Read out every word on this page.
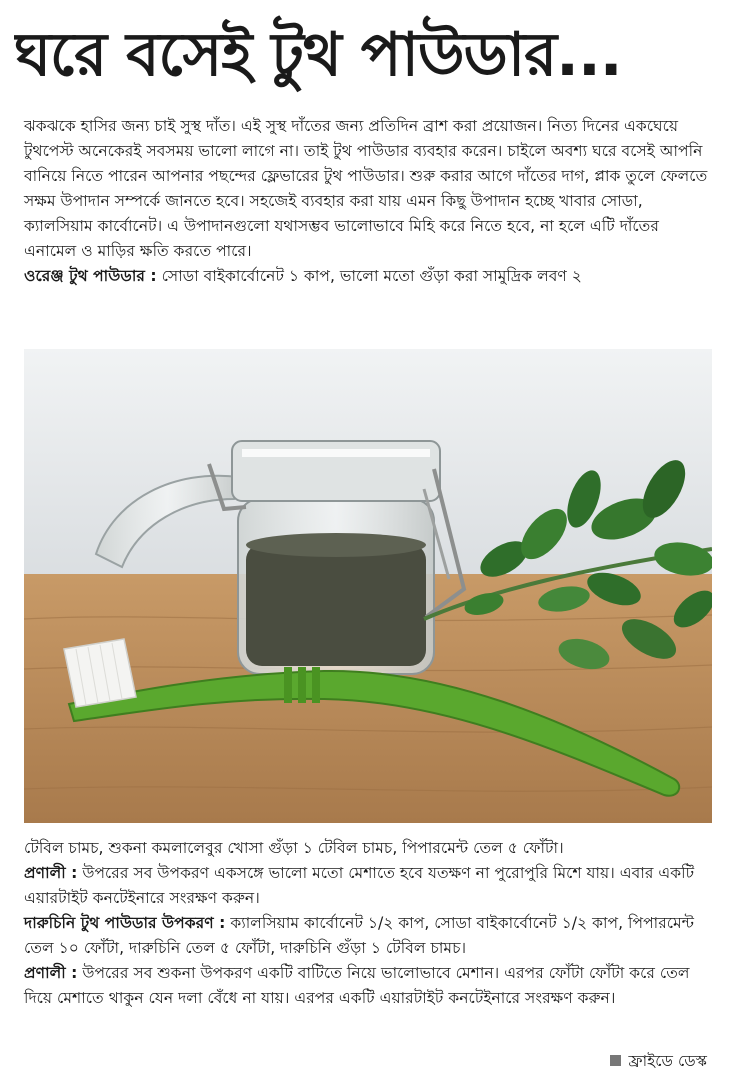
ঘরে বসেই টুথ পাউডার...

ঝকঝকে হাসির জন্য চাই সুস্থ দাঁত। এই সুস্থ দাঁতের জন্য প্রতিদিন ব্রাশ করা প্রয়োজন। নিত্য দিনের একঘেয়ে টুথপেস্ট অনেকেরই সবসময় ভালো লাগে না। তাই টুথ পাউডার ব্যবহার করেন। চাইলে অবশ্য ঘরে বসেই আপনি বানিয়ে নিতে পারেন আপনার পছন্দের ফ্লেভারের টুথ পাউডার। শুরু করার আগে দাঁতের দাগ, প্লাক তুলে ফেলতে সক্ষম উপাদান সম্পর্কে জানতে হবে। সহজেই ব্যবহার করা যায় এমন কিছু উপাদান হচ্ছে খাবার সোডা, ক্যালসিয়াম কার্বোনেট। এ উপাদানগুলো যথাসম্ভব ভালোভাবে মিহি করে নিতে হবে, না হলে এটি দাঁতের এনামেল ও মাড়ির ক্ষতি করতে পারে।

ওরেঞ্জ টুথ পাউডার : সোডা বাইকার্বোনেট ১ কাপ, ভালো মতো গুঁড়া করা সামুদ্রিক লবণ ২

টেবিল চামচ, শুকনা কমলালেবুর খোসা গুঁড়া ১ টেবিল চামচ, পিপারমেন্ট তেল ৫ ফোঁটা।

প্রণালী : উপরের সব উপকরণ একসঙ্গে ভালো মতো মেশাতে হবে যতক্ষণ না পুরোপুরি মিশে যায়। এবার একটি এয়ারটাইট কনটেইনারে সংরক্ষণ করুন।

দারুচিনি টুথ পাউডার উপকরণ : ক্যালসিয়াম কার্বোনেট ১/২ কাপ, সোডা বাইকার্বোনেট ১/২ কাপ, পিপারমেন্ট তেল ১০ ফোঁটা, দারুচিনি তেল ৫ ফোঁটা, দারুচিনি গুঁড়া ১ টেবিল চামচ।

প্রণালী : উপরের সব শুকনা উপকরণ একটি বাটিতে নিয়ে ভালোভাবে মেশান। এরপর ফোঁটা ফোঁটা করে তেল দিয়ে মেশাতে থাকুন যেন দলা বেঁধে না যায়। এরপর একটি এয়ারটাইট কনটেইনারে সংরক্ষণ করুন।

ফ্রাইডে ডেস্ক
